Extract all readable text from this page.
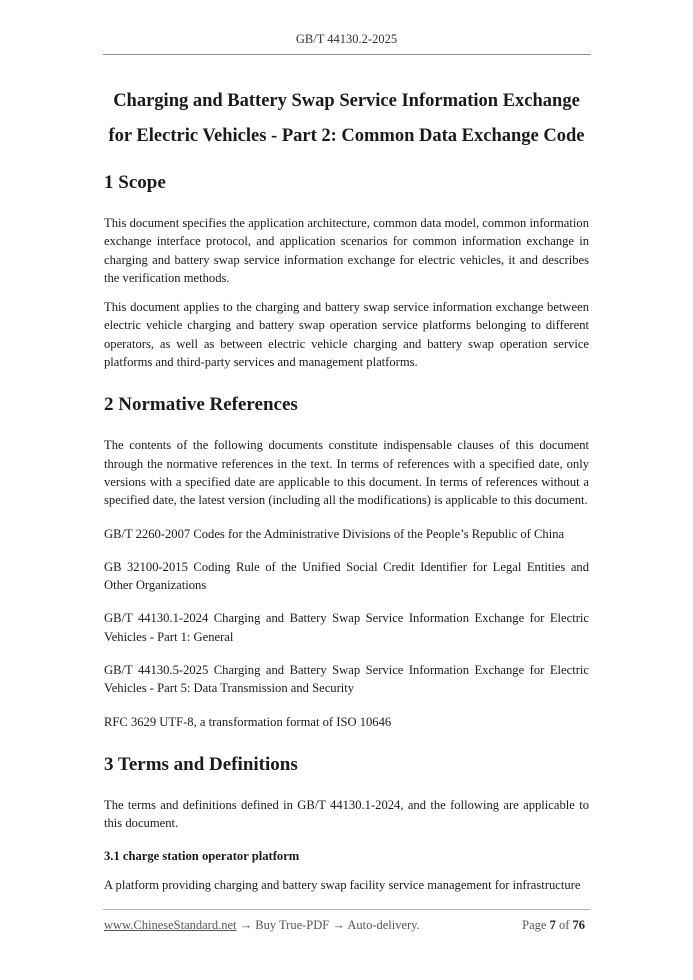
GB/T 44130.2-2025
Charging and Battery Swap Service Information Exchange
for Electric Vehicles - Part 2: Common Data Exchange Code
1 Scope

This document specifies the application architecture, common data model, common information exchange interface protocol, and application scenarios for common information exchange in charging and battery swap service information exchange for electric vehicles, it and describes the verification methods.

This document applies to the charging and battery swap service information exchange between electric vehicle charging and battery swap operation service platforms belonging to different operators, as well as between electric vehicle charging and battery swap operation service platforms and third-party services and management platforms.

2 Normative References

The contents of the following documents constitute indispensable clauses of this document through the normative references in the text. In terms of references with a specified date, only versions with a specified date are applicable to this document. In terms of references without a specified date, the latest version (including all the modifications) is applicable to this document.

GB/T 2260-2007 Codes for the Administrative Divisions of the People’s Republic of China

GB 32100-2015 Coding Rule of the Unified Social Credit Identifier for Legal Entities and Other Organizations

GB/T 44130.1-2024 Charging and Battery Swap Service Information Exchange for Electric Vehicles - Part 1: General

GB/T 44130.5-2025 Charging and Battery Swap Service Information Exchange for Electric Vehicles - Part 5: Data Transmission and Security

RFC 3629 UTF-8, a transformation format of ISO 10646

3 Terms and Definitions

The terms and definitions defined in GB/T 44130.1-2024, and the following are applicable to this document.

3.1 charge station operator platform

A platform providing charging and battery swap facility service management for infrastructure

www.ChineseStandard.net → Buy True-PDF → Auto-delivery.	Page 7 of 76
